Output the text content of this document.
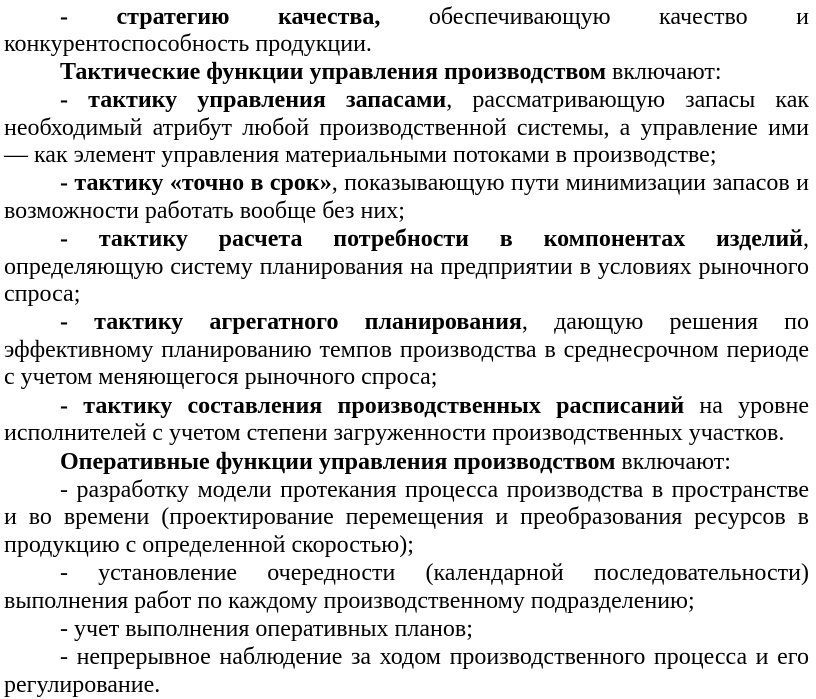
- стратегию качества, обеспечивающую качество и конкурентоспособность продукции.

Тактические функции управления производством включают:

- тактику управления запасами, рассматривающую запасы как необходимый атрибут любой производственной системы, а управление ими — как элемент управления материальными потоками в производстве;

- тактику «точно в срок», показывающую пути минимизации запасов и возможности работать вообще без них;

- тактику расчета потребности в компонентах изделий, определяющую систему планирования на предприятии в условиях рыночного спроса;

- тактику агрегатного планирования, дающую решения по эффективному планированию темпов производства в среднесрочном периоде с учетом меняющегося рыночного спроса;

- тактику составления производственных расписаний на уровне исполнителей с учетом степени загруженности производственных участков.

Оперативные функции управления производством включают:

- разработку модели протекания процесса производства в пространстве и во времени (проектирование перемещения и преобразования ресурсов в продукцию с определенной скоростью);

- установление очередности (календарной последовательности) выполнения работ по каждому производственному подразделению;

- учет выполнения оперативных планов;

- непрерывное наблюдение за ходом производственного процесса и его регулирование.
